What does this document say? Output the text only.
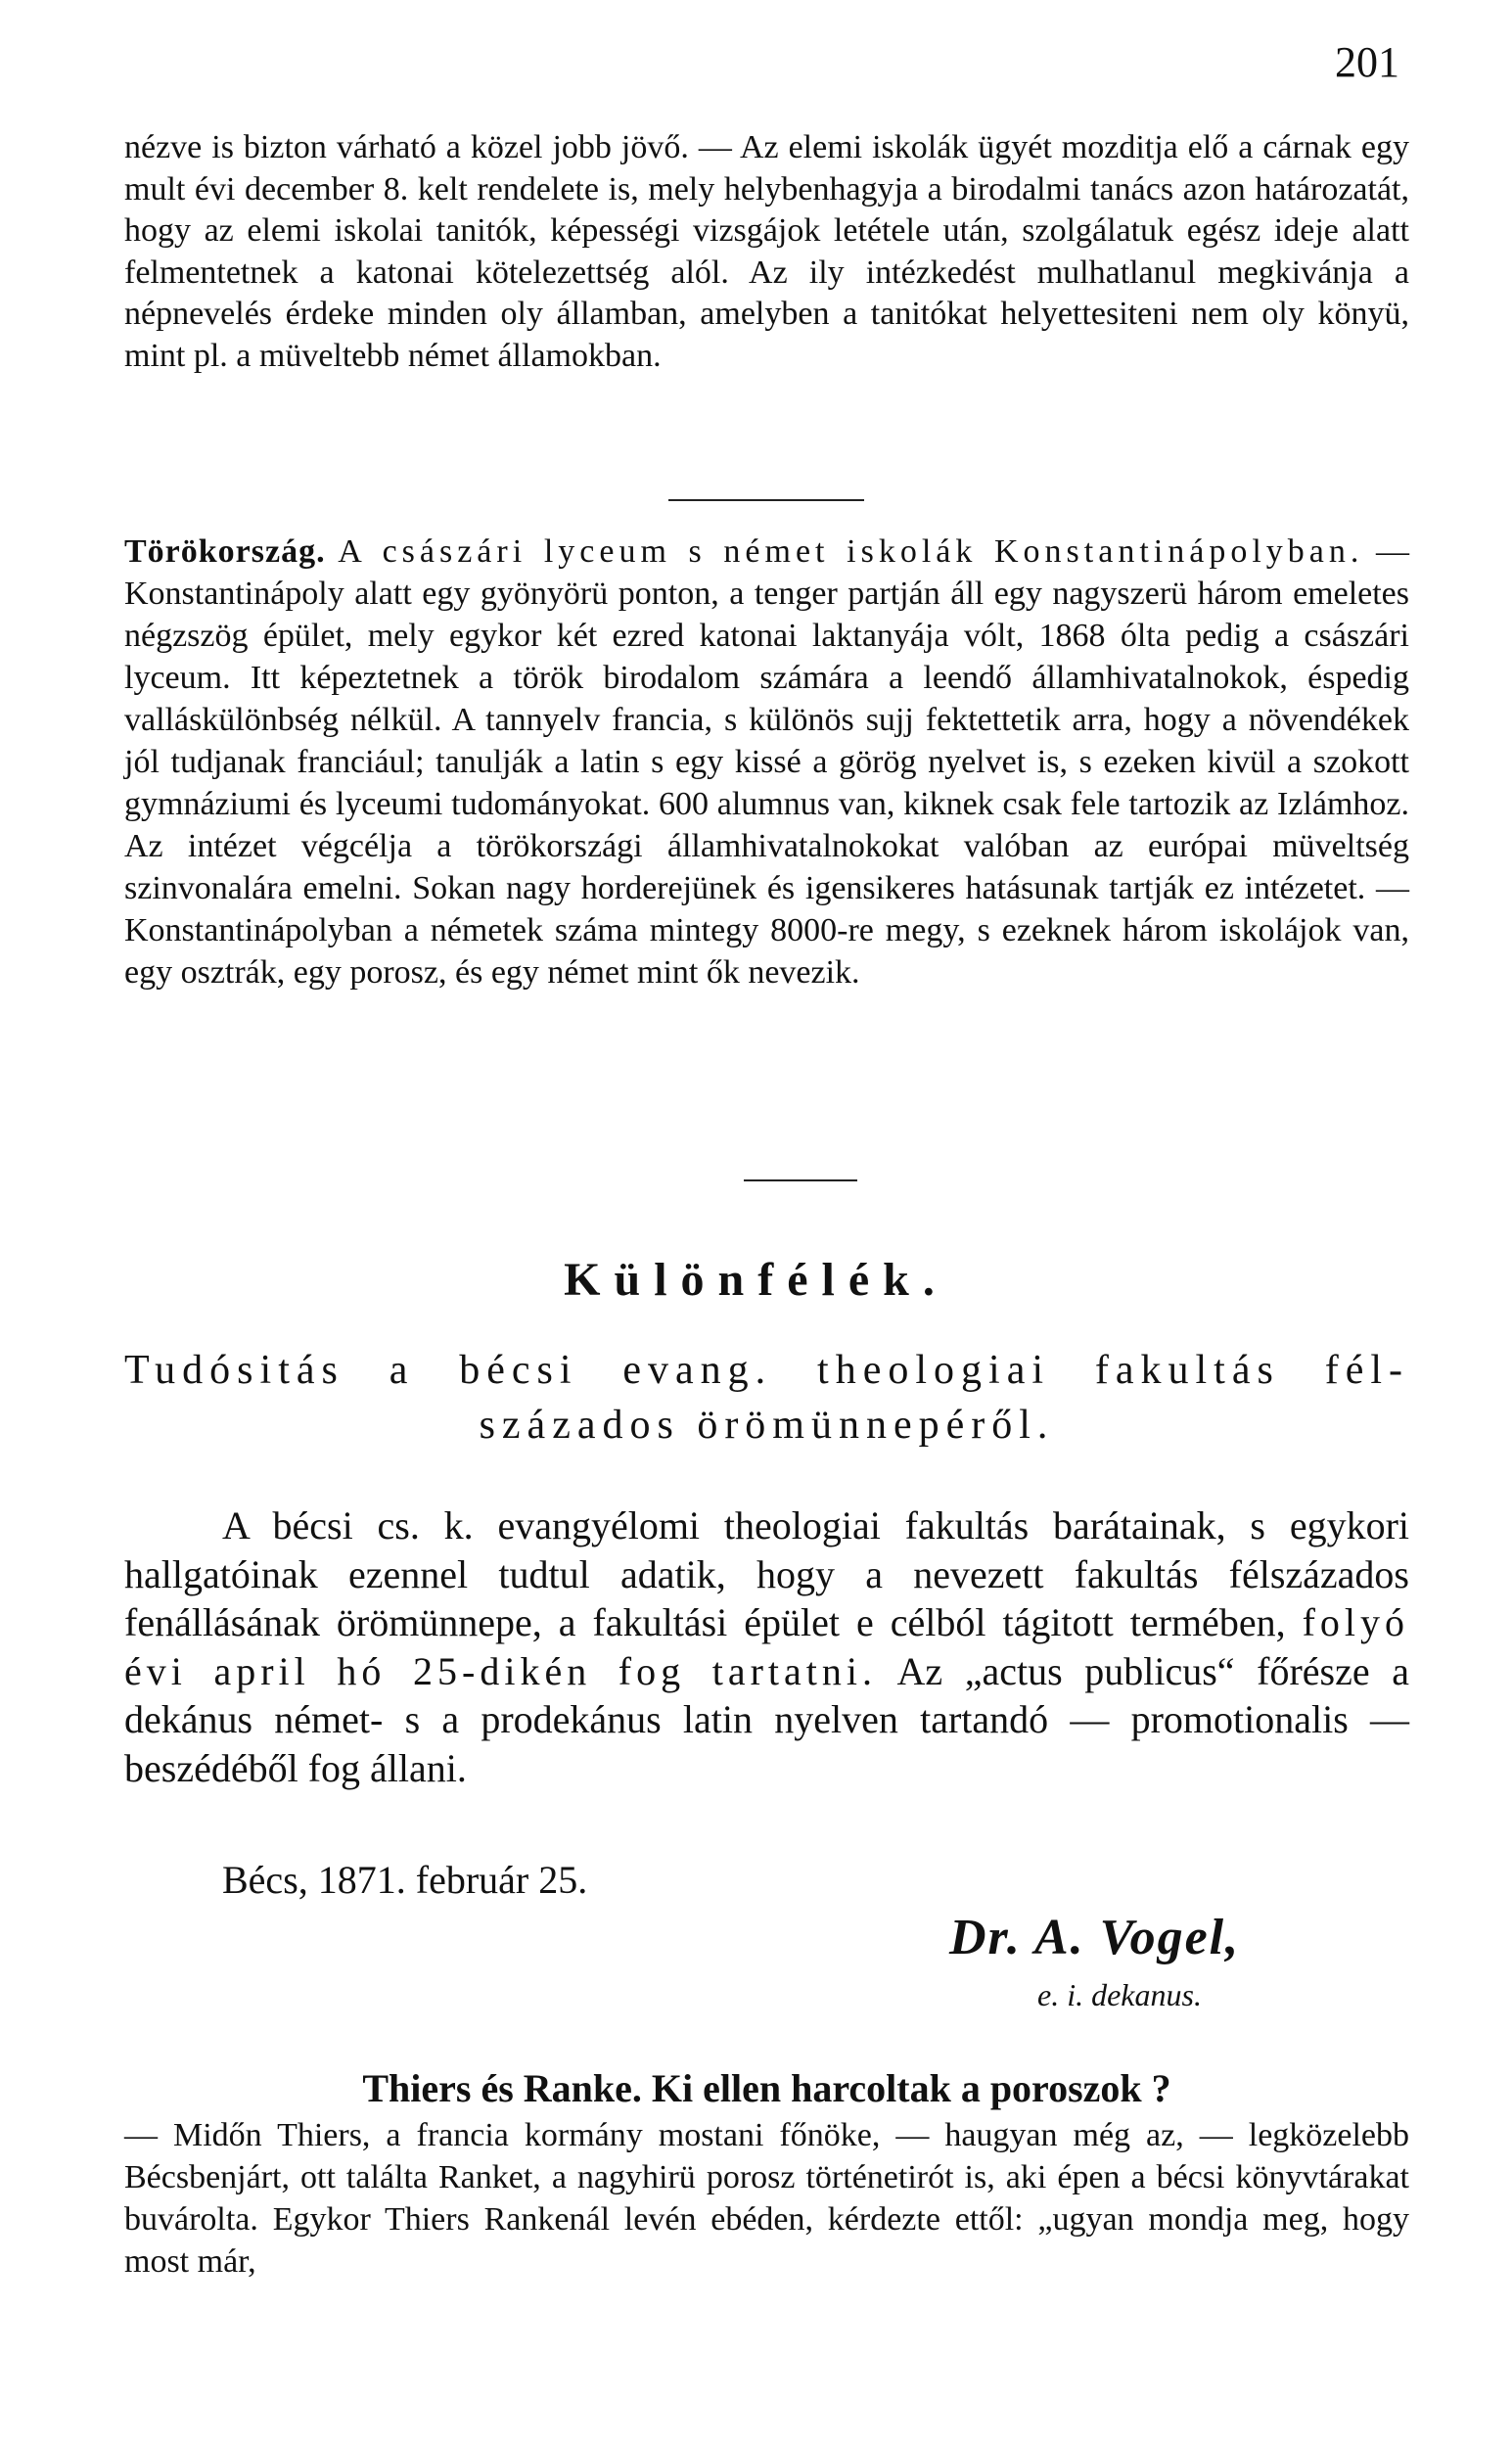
201

nézve is bizton várható a közel jobb jövő. — Az elemi iskolák ügyét mozditja elő a cárnak egy mult évi december 8. kelt rendelete is, mely helybenhagyja a birodalmi tanács azon határozatát, hogy az elemi iskolai tanitók, képességi vizsgájok letétele után, szolgálatuk egész ideje alatt felmentetnek a katonai kötelezettség alól. Az ily intézkedést mulhatlanul megkivánja a népnevelés érdeke minden oly államban, amelyben a tanitókat helyettesiteni nem oly könyü, mint pl. a müveltebb német államokban.

Törökország. A császári lyceum s német iskolák Konstantinápolyban. — Konstantinápoly alatt egy gyönyörü ponton, a tenger partján áll egy nagyszerü három emeletes négzszög épület, mely egykor két ezred katonai laktanyája vólt, 1868 ólta pedig a császári lyceum. Itt képeztetnek a török birodalom számára a leendő államhivatalnokok, éspedig valláskülönbség nélkül. A tannyelv francia, s különös sujj fektettetik arra, hogy a növendékek jól tudjanak franciául; tanulják a latin s egy kissé a görög nyelvet is, s ezeken kivül a szokott gymnáziumi és lyceumi tudományokat. 600 alumnus van, kiknek csak fele tartozik az Izlámhoz. Az intézet végcélja a törökországi államhivatalnokokat valóban az európai müveltség szinvonalára emelni. Sokan nagy horderejünek és igensikeres hatásunak tartják ez intézetet. — Konstantinápolyban a németek száma mintegy 8000-re megy, s ezeknek három iskolájok van, egy osztrák, egy porosz, és egy német mint ők nevezik.

Különfélék.

Tudósitás a bécsi evang. theologiai fakultás fél-

százados örömünnepéről.

A bécsi cs. k. evangyélomi theologiai fakultás barátainak, s egykori hallgatóinak ezennel tudtul adatik, hogy a nevezett fakultás félszázados fenállásának örömünnepe, a fakultási épület e célból tágitott termében, folyó évi april hó 25-dikén fog tartatni. Az „actus publicus“ főrésze a dekánus német- s a prodekánus latin nyelven tartandó — promotionalis — beszédéből fog állani.

Bécs, 1871. február 25.
Dr. A. Vogel,
e. i. dekanus.

Thiers és Ranke. Ki ellen harcoltak a poroszok ?

— Midőn Thiers, a francia kormány mostani főnöke, — haugyan még az, — legközelebb Bécsbenjárt, ott találta Ranket, a nagyhirü porosz történetirót is, aki épen a bécsi könyvtárakat buvárolta. Egykor Thiers Rankenál levén ebéden, kérdezte ettől: „ugyan mondja meg, hogy most már,
